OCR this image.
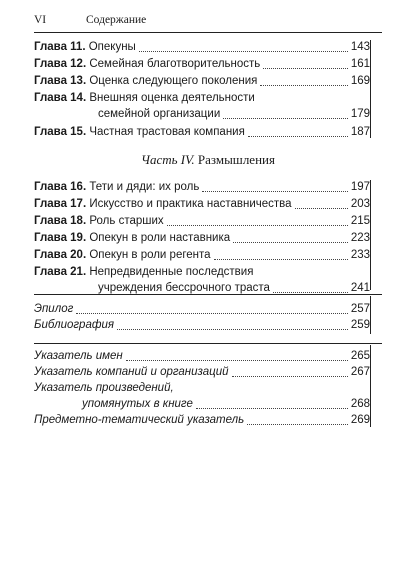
VI	Содержание
Глава 11. Опекуны	143
Глава 12. Семейная благотворительность	161
Глава 13. Оценка следующего поколения	169
Глава 14. Внешняя оценка деятельности
семейной организации	179
Глава 15. Частная трастовая компания	187
Часть IV. Размышления
Глава 16. Тети и дяди: их роль	197
Глава 17. Искусство и практика наставничества	203
Глава 18. Роль старших	215
Глава 19. Опекун в роли наставника	223
Глава 20. Опекун в роли регента	233
Глава 21. Непредвиденные последствия
учреждения бессрочного траста	241
Эпилог	257
Библиография	259
Указатель имен	265
Указатель компаний и организаций	267
Указатель произведений,
упомянутых в книге	268
Предметно-тематический указатель	269
